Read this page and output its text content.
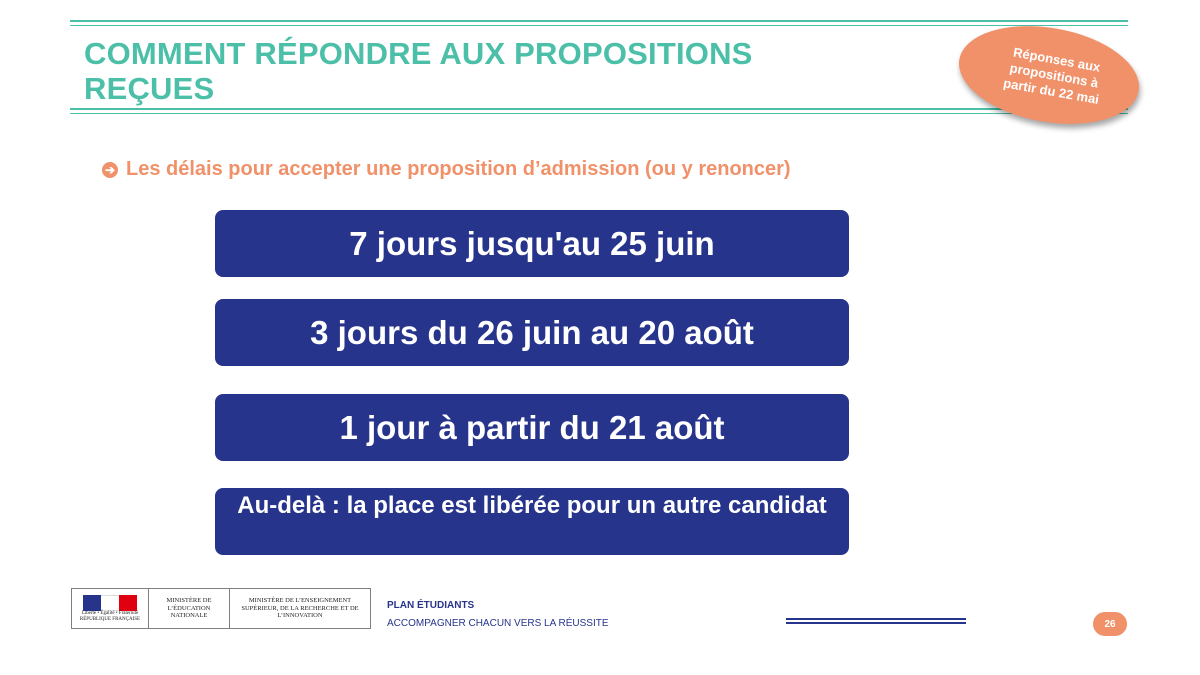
COMMENT RÉPONDRE AUX PROPOSITIONS REÇUES
Réponses aux propositions à partir du 22 mai
➔ Les délais pour accepter une proposition d’admission (ou y renoncer)
7 jours jusqu'au 25 juin
3 jours du 26 juin au 20 août
1 jour à partir du 21 août
Au-delà : la place est libérée pour un autre candidat
Liberté • Égalité • Fraternité
RÉPUBLIQUE FRANÇAISE
MINISTÈRE DE L’ÉDUCATION NATIONALE
MINISTÈRE DE L’ENSEIGNEMENT SUPÉRIEUR, DE LA RECHERCHE ET DE L’INNOVATION
PLAN ÉTUDIANTS
ACCOMPAGNER CHACUN VERS LA RÉUSSITE	26
